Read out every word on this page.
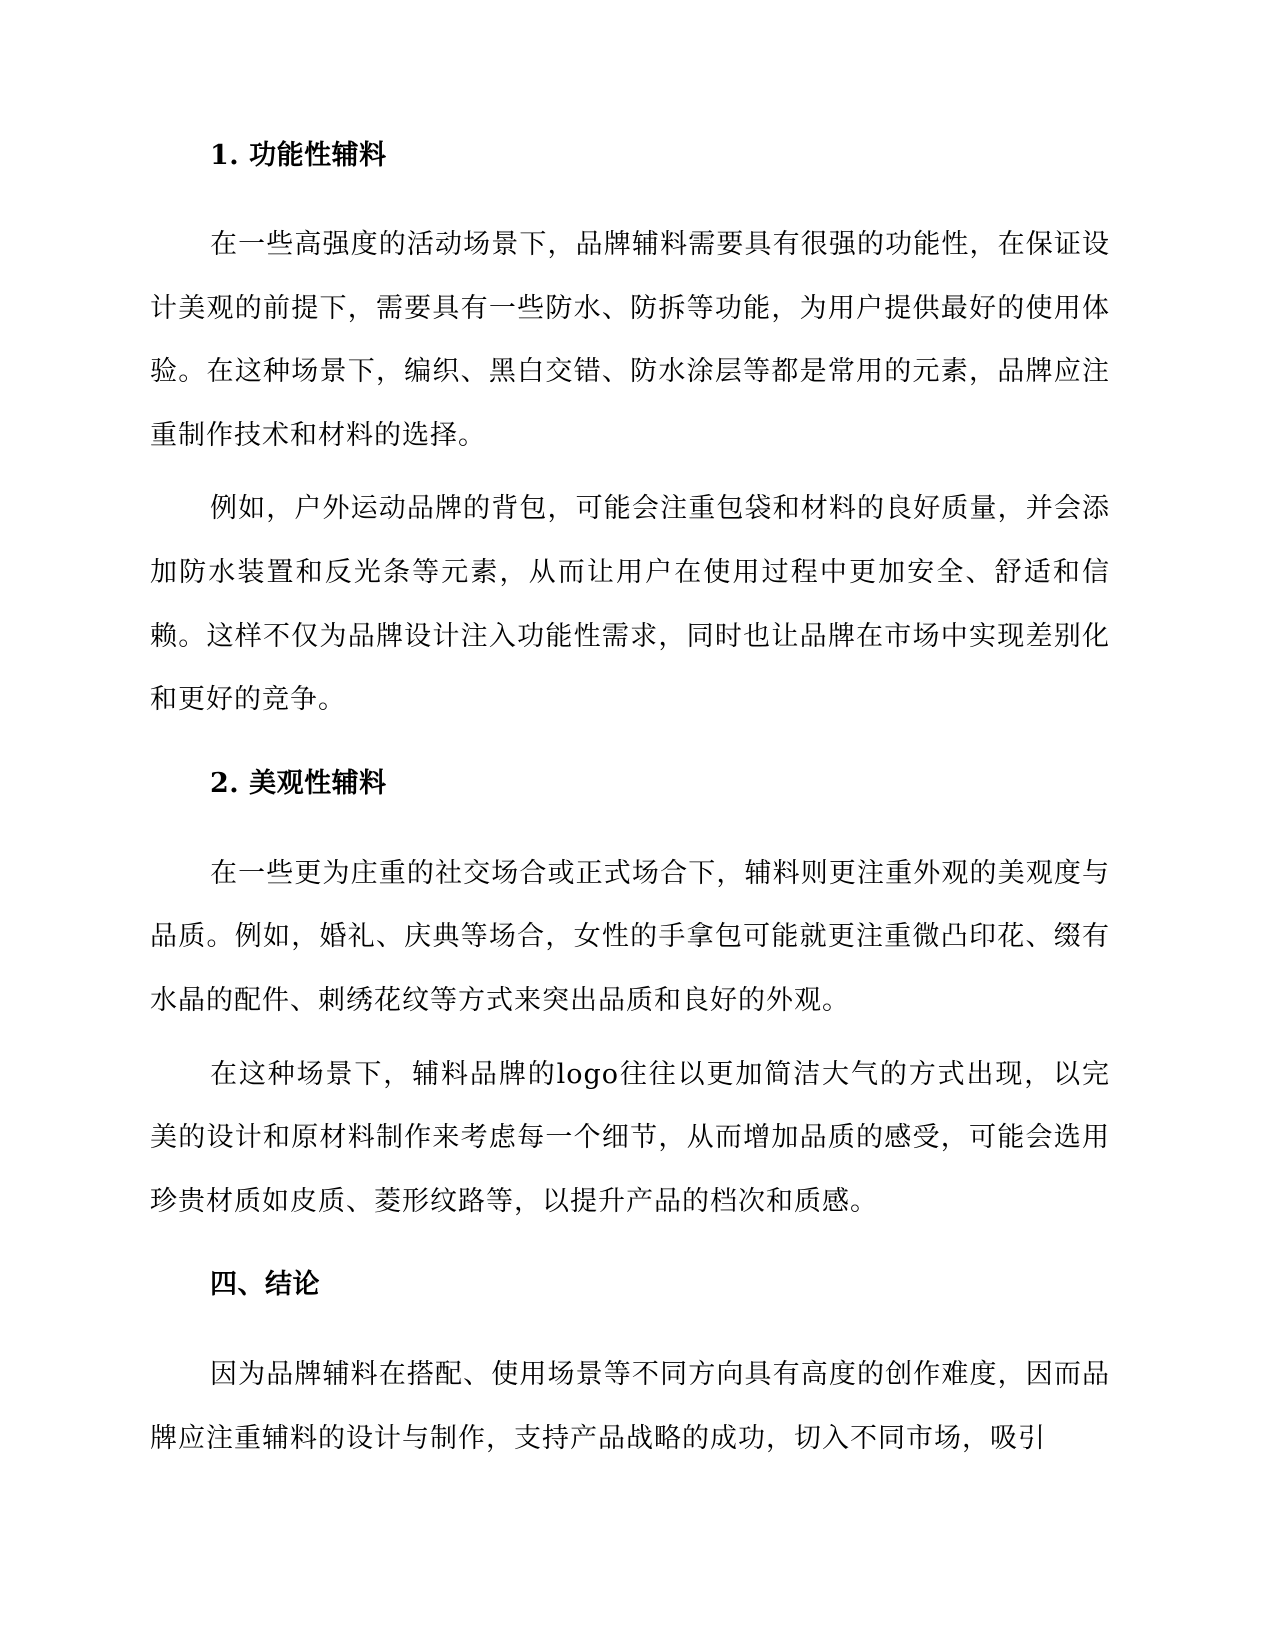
1. 功能性辅料

在一些高强度的活动场景下，品牌辅料需要具有很强的功能性，在保证设计美观的前提下，需要具有一些防水、防拆等功能，为用户提供最好的使用体验。在这种场景下，编织、黑白交错、防水涂层等都是常用的元素，品牌应注重制作技术和材料的选择。

例如，户外运动品牌的背包，可能会注重包袋和材料的良好质量，并会添加防水装置和反光条等元素，从而让用户在使用过程中更加安全、舒适和信赖。这样不仅为品牌设计注入功能性需求，同时也让品牌在市场中实现差别化和更好的竞争。

2. 美观性辅料

在一些更为庄重的社交场合或正式场合下，辅料则更注重外观的美观度与品质。例如，婚礼、庆典等场合，女性的手拿包可能就更注重微凸印花、缀有水晶的配件、刺绣花纹等方式来突出品质和良好的外观。

在这种场景下，辅料品牌的logo往往以更加简洁大气的方式出现，以完美的设计和原材料制作来考虑每一个细节，从而增加品质的感受，可能会选用珍贵材质如皮质、菱形纹路等，以提升产品的档次和质感。

四、结论

因为品牌辅料在搭配、使用场景等不同方向具有高度的创作难度，因而品牌应注重辅料的设计与制作，支持产品战略的成功，切入不同市场，吸引
